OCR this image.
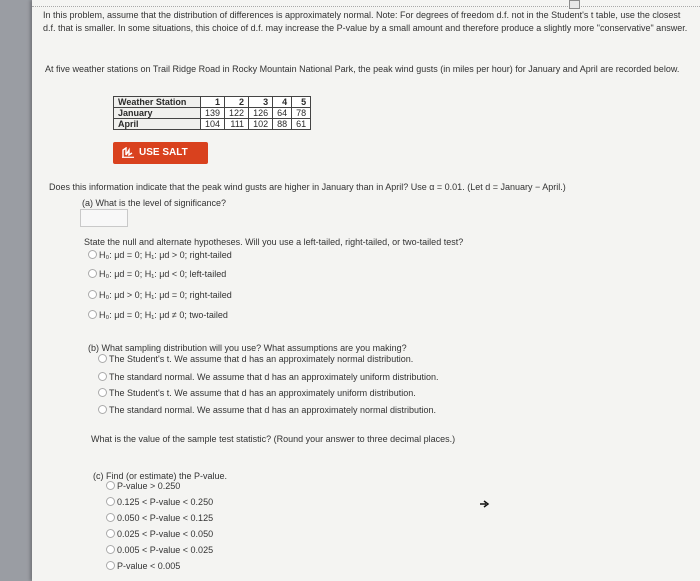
In this problem, assume that the distribution of differences is approximately normal. Note: For degrees of freedom d.f. not in the Student's t table, use the closest d.f. that is smaller. In some situations, this choice of d.f. may increase the P-value by a small amount and therefore produce a slightly more "conservative" answer.
At five weather stations on Trail Ridge Road in Rocky Mountain National Park, the peak wind gusts (in miles per hour) for January and April are recorded below.
Weather Station	1	2	3	4	5
January	139	122	126	64	78
April	104	111	102	88	61
USE SALT
Does this information indicate that the peak wind gusts are higher in January than in April? Use α = 0.01. (Let d = January − April.)
(a) What is the level of significance?
State the null and alternate hypotheses. Will you use a left-tailed, right-tailed, or two-tailed test?
H₀: μd = 0; H₁: μd > 0; right-tailed
H₀: μd = 0; H₁: μd < 0; left-tailed
H₀: μd > 0; H₁: μd = 0; right-tailed
H₀: μd = 0; H₁: μd ≠ 0; two-tailed
(b) What sampling distribution will you use? What assumptions are you making?
The Student's t. We assume that d has an approximately normal distribution.
The standard normal. We assume that d has an approximately uniform distribution.
The Student's t. We assume that d has an approximately uniform distribution.
The standard normal. We assume that d has an approximately normal distribution.
What is the value of the sample test statistic? (Round your answer to three decimal places.)
(c) Find (or estimate) the P-value.
P-value > 0.250
0.125 < P-value < 0.250
0.050 < P-value < 0.125
0.025 < P-value < 0.050
0.005 < P-value < 0.025
P-value < 0.005
